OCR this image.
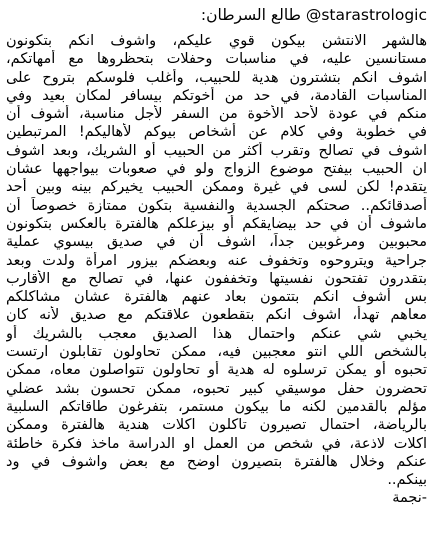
طالع السرطان: @starastrologic
هالشهر الانتشن بيكون قوي عليكم، واشوف انكم بتكونون
مستانسين عليه، في مناسبات وحفلات بتحظروها مع أمهاتكم،
اشوف انكم بتشترون هدية للحبيب، وأغلب فلوسكم بتروح على
المناسبات القادمة، في حد من أخوتكم بيسافر لمكان بعيد وفي
منكم في عودة لأحد الأخوة من السفر لأجل مناسبة، أشوف أن
في خطوبة وفي كلام عن أشخاص بيوكم لأهاليكم! المرتبطين
اشوف في تصالح وتقرب أكثر من الحبيب أو الشريك، وبعد اشوف
ان الحبيب بيفتح موضوع الزواج ولو في صعوبات بيواجهها عشان
يتقدم! لكن لسى في غيرة وممكن الحبيب يخيركم بينه وبين أحد
أصدقائكم.. صحتكم الجسدية والنفسية بتكون ممتازة خصوصاً أن
ماشوف أن في حد بيضايقكم أو بيزعلكم هالفترة بالعكس بتكونون
محبوبين ومرغوبين جداً، اشوف أن في صديق بيسوي عملية
جراحية ويتروحوه وتخفوف عنه وبعضكم بيزور امرأة ولدت وبعد
بتقدرون تفتحون نفسيتها وتخففون عنها، في تصالح مع الأقارب
بس أشوف انكم بتتمون بعاد عنهم هالفترة عشان مشاكلكم
معاهم تهدأ، اشوف انكم بتقطعون علاقتكم مع صديق لأنه كان
يخبي شي عنكم واحتمال هذا الصديق معجب بالشريك أو
بالشخص اللي انتو معجبين فيه، ممكن تحاولون تقابلون ارتست
تحبوه أو يمكن ترسلوه له هدية أو تحاولون تتواصلون معاه، ممكن
تحضرون حفل موسيقي كبير تحبوه، ممكن تحسون بشد عضلي
مؤلم بالقدمين لكنه ما بيكون مستمر، بتفرغون طاقاتكم السلبية
بالرياضة، احتمال تصيرون تاكلون اكلات هندية هالفترة وممكن
اكلات لاذعة، في شخص من العمل او الدراسة ماخذ فكرة خاطئة
عنكم وخلال هالفترة بتصيرون اوضح مع بعض واشوف في ود
بينكم..
-نجمة
